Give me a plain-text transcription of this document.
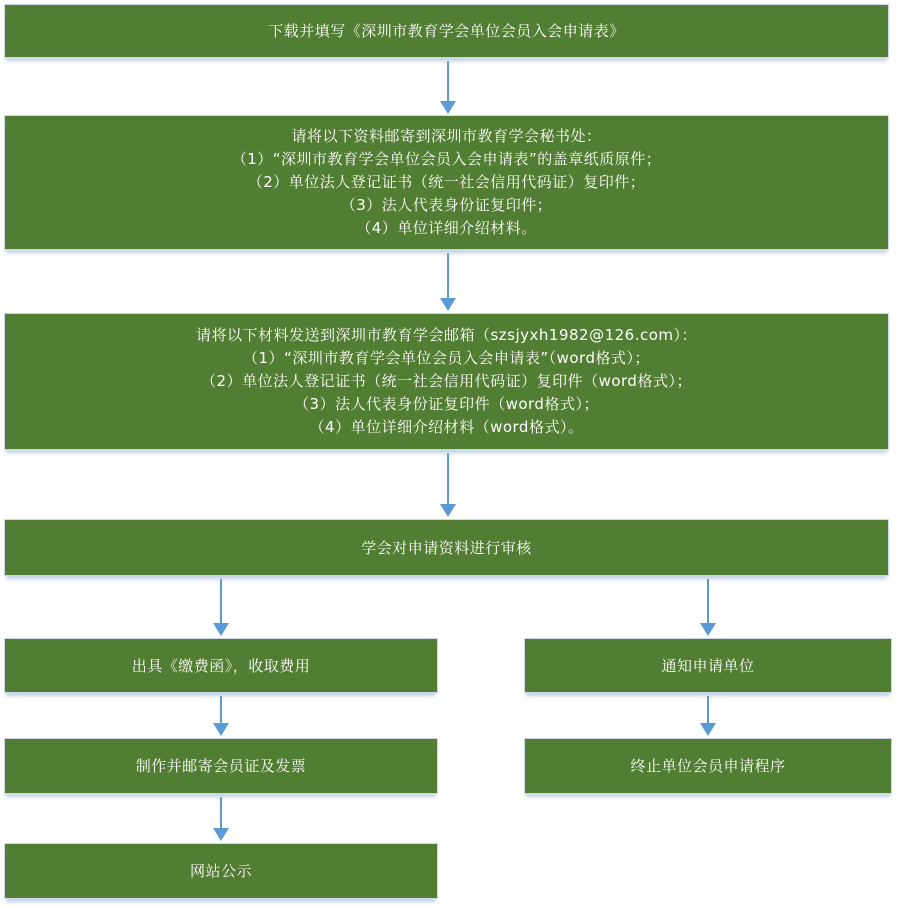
下载并填写《深圳市教育学会单位会员入会申请表》
请将以下资料邮寄到深圳市教育学会秘书处：
（1）“深圳市教育学会单位会员入会申请表”的盖章纸质原件；
（2）单位法人登记证书（统一社会信用代码证）复印件；
（3）法人代表身份证复印件；
（4）单位详细介绍材料。
请将以下材料发送到深圳市教育学会邮箱（szsjyxh1982@126.com）：
（1）“深圳市教育学会单位会员入会申请表”（word格式）；
（2）单位法人登记证书（统一社会信用代码证）复印件（word格式）；
（3）法人代表身份证复印件（word格式）；
（4）单位详细介绍材料（word格式）。
学会对申请资料进行审核
出具《缴费函》，收取费用	通知申请单位
制作并邮寄会员证及发票	终止单位会员申请程序
网站公示
